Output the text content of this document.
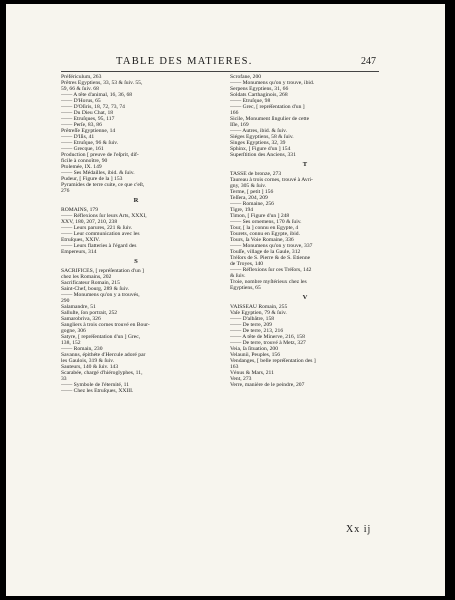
TABLE DES MATIERES.	247
Préfériculum, 263
Prêtres Egyptiens, 33, 53 & ſuiv. 55,
59, 66 & ſuiv. 68
—— A tête d'animal, 16, 36, 68
—— D'Horus, 65
—— D'Oſiris, 18, 72, 73, 74
—— Du Dieu Chat, 18
—— Etruſques, 95, 117
—— Perſe, 83, 86
Prêtreſſe Egyptienne, 14
—— D'Iſis, 41
—— Etruſque, 96 & ſuiv.
—— Grecque, 161
Production [ preuve de l'eſprit, dif-
ficile à connoître, 90
Ptolemée, IX. 149
—— Ses Médailles, ibid. & ſuiv.
Pudeur, [ Figure de la ] 153
Pyramides de terre cuite, ce que c'eſt,
276
R
ROMAINS, 179
—— Réflexions ſur leurs Arts, XXXI,
XXV, 180, 207, 210, 238
—— Leurs parures, 221 & ſuiv.
—— Leur communication avec les
Etruſques, XXIV.
—— Leurs flatteries à l'égard des
Empereurs, 314
S
SACRIFICES, [ repréſentation d'un ]
chez les Romains, 202
Sacrificateur Romain, 215
Saint-Chef, bourg, 289 & ſuiv.
—— Monumens qu'on y a trouvés,
290
Salamandre, 51
Salluſte, ſon portrait, 252
Samarobriva, 326
Sangliers à trois cornes trouvé en Bour-
gogne, 306
Satyre, [ repréſentation d'un ] Grec,
138, 152
—— Romain, 230
Savanns, épithéte d'Hercule adoré par
les Gaulois, 319 & ſuiv.
Sauteurs, 140 & ſuiv. 143
Scarabée, chargé d'hiéroglyphes, 11,
33
—— Symbole de l'éternité, 11
—— Chez les Etruſques, XXIII.
Scrofane, 200
—— Monumens qu'on y trouve, ibid.
Serpens Egyptiens, 31, 66
Soldats Carthaginois, 268
—— Etruſque, 98
—— Grec, [ repréſentation d'un ]
166
Sicile, Monument ſingulier de cette
Iſle, 169
—— Autres, ibid. & ſuiv.
Siéges Egyptiens, 58 & ſuiv.
Singes Egyptiens, 32, 39
Sphinx, [ Figure d'un ] 154
Superſtition des Anciens, 331
T
TASSE de bronze, 273
Taureau à trois cornes, trouvé à Avri-
gny, 305 & ſuiv.
Terme, [ petit ] 156
Teſſera, 204, 209
—— Romaine, 256
Tigre, 194
Timon, [ Figure d'un ] 248
—— Ses ornemens, 170 & ſuiv.
Tour, [ la ] connu en Egypte, 4
Tourets, connu en Egypte, ibid.
Tours, ſa Voie Romaine, 336
—— Monumens qu'on y trouve, 337
Touſſe, village de la Gaule, 312
Tréſors de S. Pierre & de S. Etienne
de Troyes, 140
—— Réflexions ſur ces Tréſors, 142
& ſuiv.
Troie, nombre myſtérieux chez les
Egyptiens, 65
V
VAISSEAU Romain, 255
Vaſe Egyptien, 79 & ſuiv.
—— D'albâtre, 158
—— De terre, 209
—— De terre, 213, 216
—— A tête de Minerve, 216, 158
—— De terre, trouvé à Metz, 327
Veia, ſa ſituation, 200
Velaunii, Peuples, 156
Vendanges, [ belle repréſentation des ]
163
Vénus & Mars, 211
Vent, 273
Verre, manière de le peindre, 207
Xx ij
